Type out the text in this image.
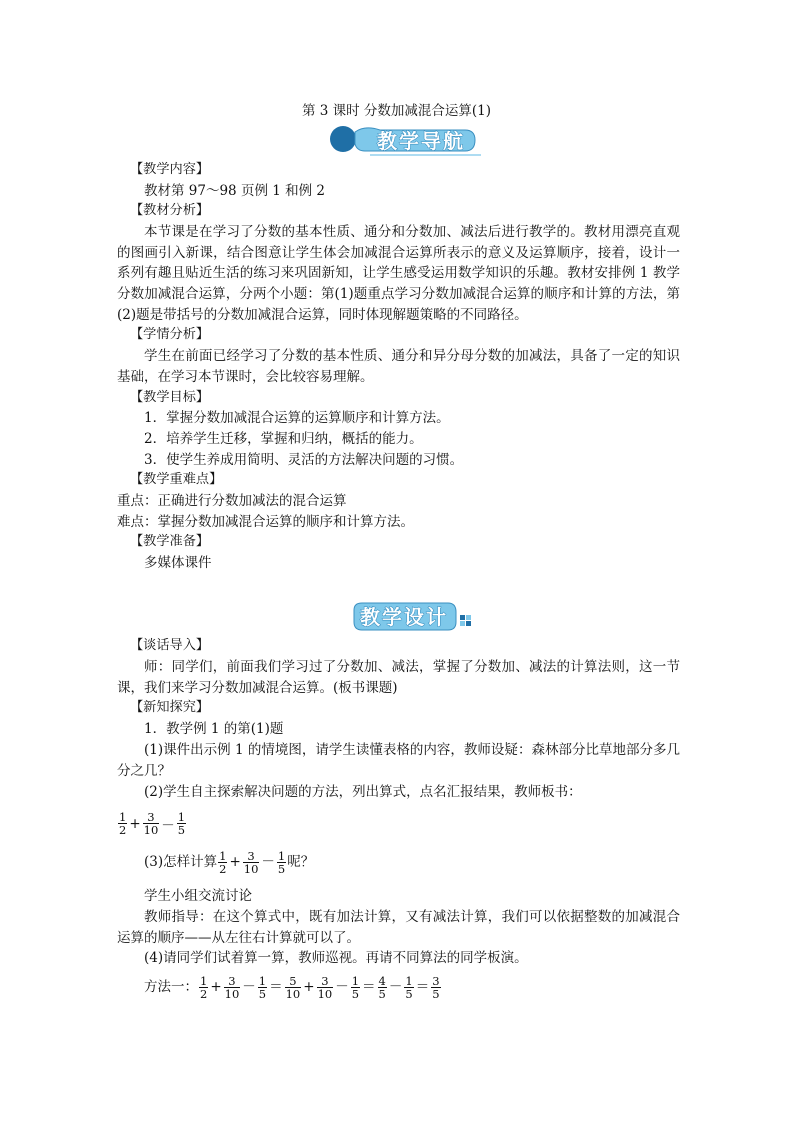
第 3 课时 分数加减混合运算(1)
教学导航
【教学内容】
教材第 97～98 页例 1 和例 2
【教材分析】
本节课是在学习了分数的基本性质、通分和分数加、减法后进行教学的。教材用漂亮直观的图画引入新课，结合图意让学生体会加减混合运算所表示的意义及运算顺序，接着，设计一系列有趣且贴近生活的练习来巩固新知，让学生感受运用数学知识的乐趣。教材安排例 1 教学分数加减混合运算，分两个小题：第(1)题重点学习分数加减混合运算的顺序和计算的方法，第(2)题是带括号的分数加减混合运算，同时体现解题策略的不同路径。
【学情分析】
学生在前面已经学习了分数的基本性质、通分和异分母分数的加减法，具备了一定的知识基础，在学习本节课时，会比较容易理解。
【教学目标】
1．掌握分数加减混合运算的运算顺序和计算方法。
2．培养学生迁移，掌握和归纳，概括的能力。
3．使学生养成用简明、灵活的方法解决问题的习惯。
【教学重难点】
重点：正确进行分数加减法的混合运算
难点：掌握分数加减混合运算的顺序和计算方法。
【教学准备】
多媒体课件
教学设计
【谈话导入】
师：同学们，前面我们学习过了分数加、减法，掌握了分数加、减法的计算法则，这一节课，我们来学习分数加减混合运算。(板书课题)
【新知探究】
1．教学例 1 的第(1)题
(1)课件出示例 1 的情境图，请学生读懂表格的内容，教师设疑：森林部分比草地部分多几分之几？
(2)学生自主探索解决问题的方法，列出算式，点名汇报结果，教师板书：
$\frac{1}{2} + \frac{3}{10} - \frac{1}{5}$
(3)怎样计算 $\frac{1}{2} + \frac{3}{10} - \frac{1}{5}$ 呢？
学生小组交流讨论
教师指导：在这个算式中，既有加法计算，又有减法计算，我们可以依据整数的加减混合运算的顺序——从左往右计算就可以了。
(4)请同学们试着算一算，教师巡视。再请不同算法的同学板演。
方法一： $\frac{1}{2} + \frac{3}{10} - \frac{1}{5} = \frac{5}{10} + \frac{3}{10} - \frac{1}{5} = \frac{4}{5} - \frac{1}{5} = \frac{3}{5}$
